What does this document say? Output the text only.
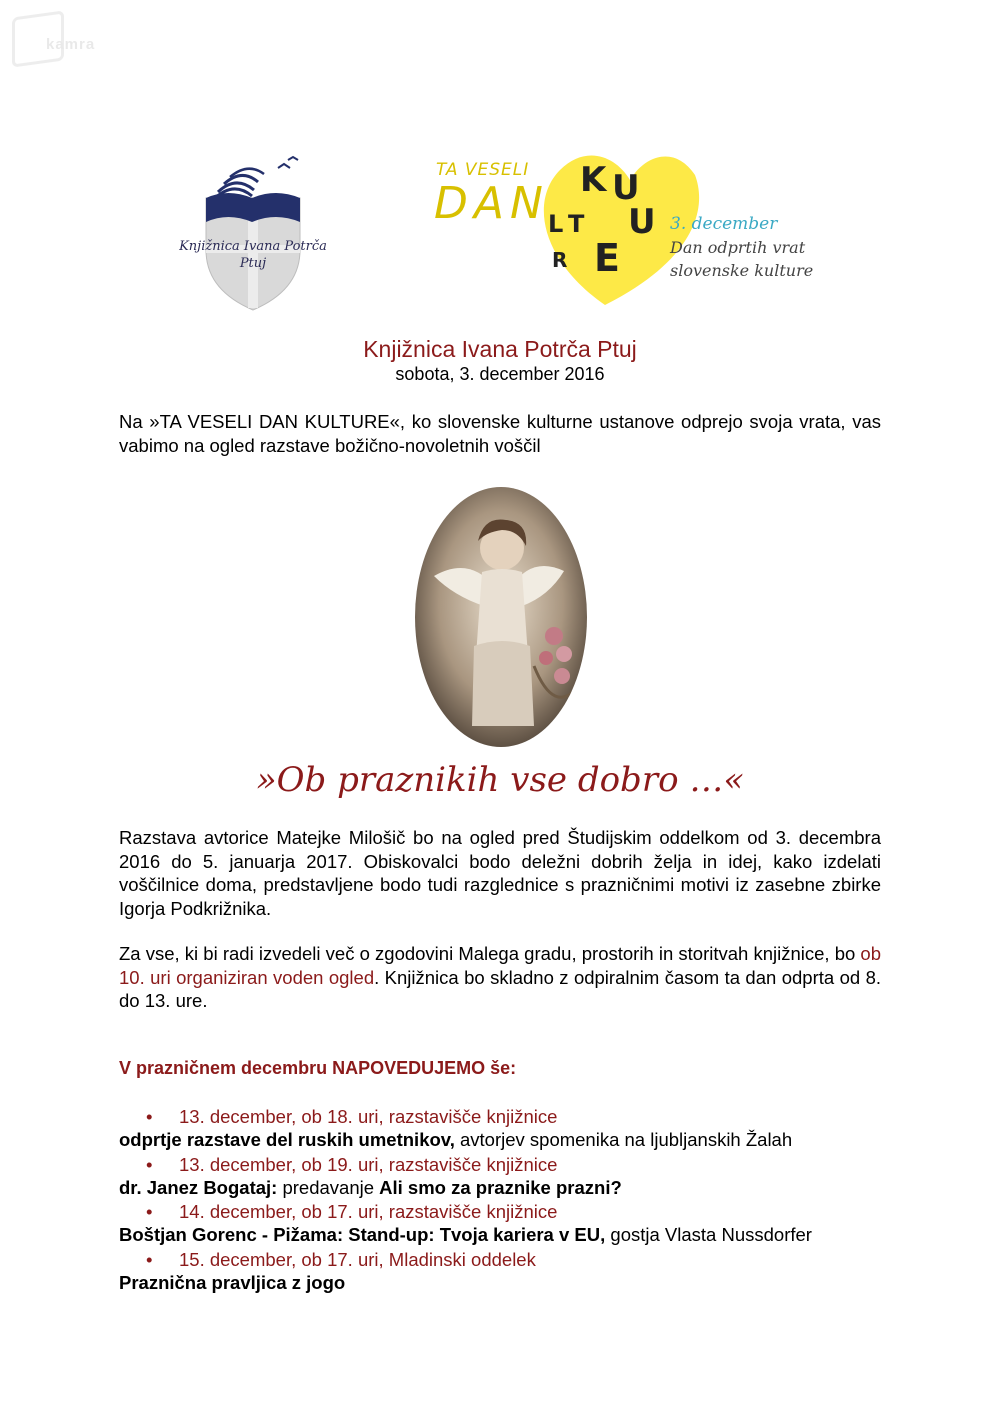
kamra
Knjižnica Ivana Potrča
Ptuj
TA VESELI
DAN K U
L T U
R E
3. december
Dan odprtih vrat
slovenske kulture
Knjižnica Ivana Potrča Ptuj
sobota, 3. december 2016
Na »TA VESELI DAN KULTURE«, ko slovenske kulturne ustanove odprejo svoja vrata, vas vabimo na ogled razstave božično-novoletnih voščil
»Ob praznikih vse dobro …«
Razstava avtorice Matejke Milošič bo na ogled pred Študijskim oddelkom od 3. decembra 2016 do 5. januarja 2017. Obiskovalci bodo deležni dobrih želja in idej, kako izdelati voščilnice doma, predstavljene bodo tudi razglednice s prazničnimi motivi iz zasebne zbirke Igorja Podkrižnika.
Za vse, ki bi radi izvedeli več o zgodovini Malega gradu, prostorih in storitvah knjižnice, bo ob 10. uri organiziran voden ogled. Knjižnica bo skladno z odpiralnim časom ta dan odprta od 8. do 13. ure.
V prazničnem decembru NAPOVEDUJEMO še:
• 13. december, ob 18. uri, razstavišče knjižnice
odprtje razstave del ruskih umetnikov, avtorjev spomenika na ljubljanskih Žalah
• 13. december, ob 19. uri, razstavišče knjižnice
dr. Janez Bogataj: predavanje Ali smo za praznike prazni?
• 14. december, ob 17. uri, razstavišče knjižnice
Boštjan Gorenc - Pižama: Stand-up: Tvoja kariera v EU, gostja Vlasta Nussdorfer
• 15. december, ob 17. uri, Mladinski oddelek
Praznična pravljica z jogo
